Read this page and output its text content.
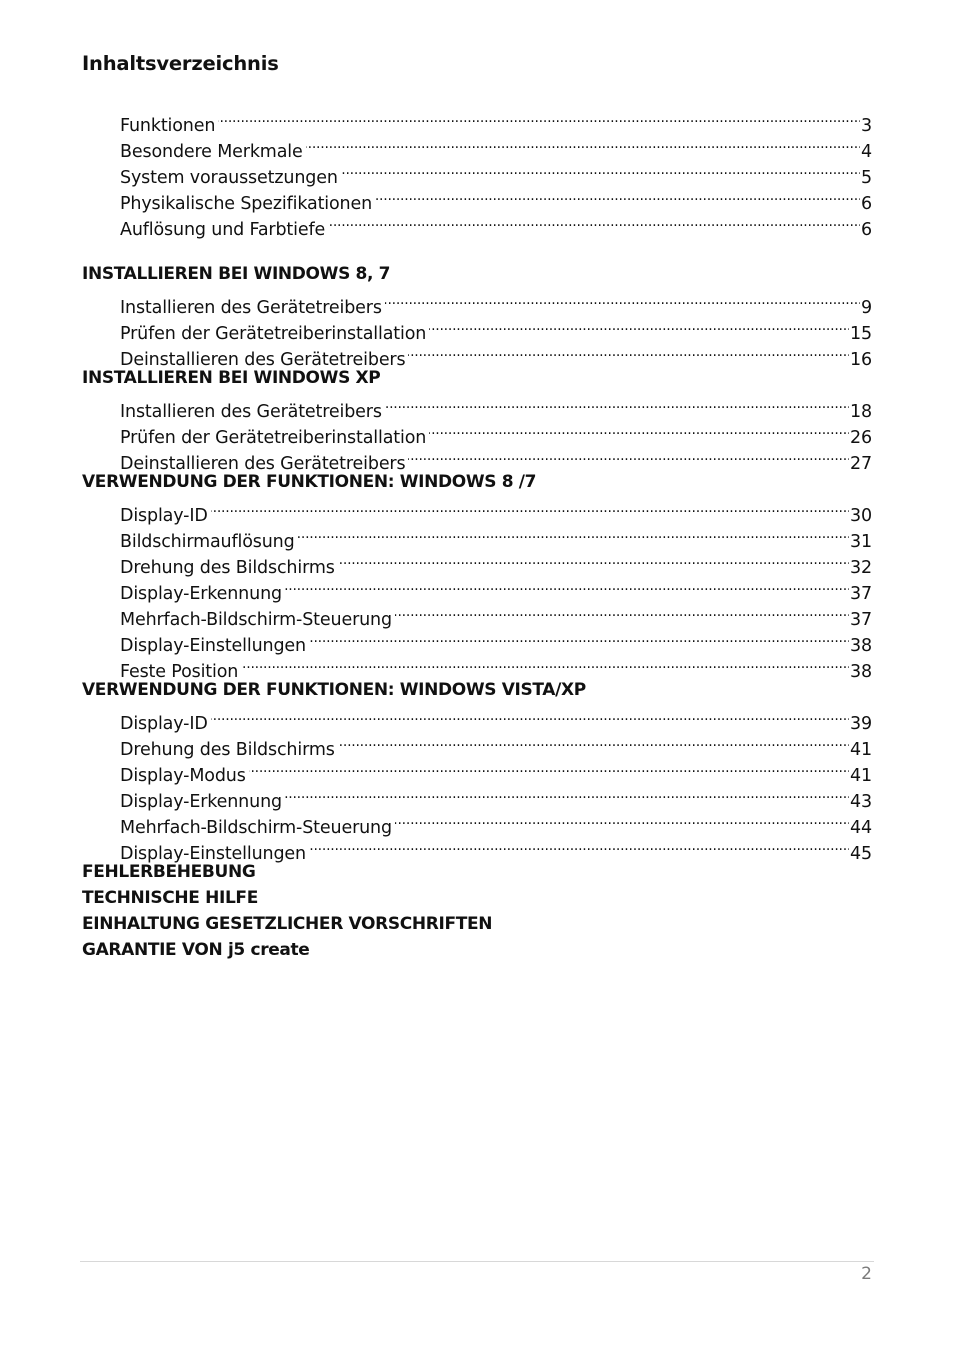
Inhaltsverzeichnis
Funktionen . . .	3
Besondere Merkmale . . .	4
System voraussetzungen . . .	5
Physikalische Spezifikationen . . .	6
Auflösung und Farbtiefe . . .	6
INSTALLIEREN BEI WINDOWS 8, 7
Installieren des Gerätetreibers . . .	9
Prüfen der Gerätetreiberinstallation . . .	15
Deinstallieren des Gerätetreibers . . .	16
INSTALLIEREN BEI WINDOWS XP
Installieren des Gerätetreibers . . .	18
Prüfen der Gerätetreiberinstallation . . .	26
Deinstallieren des Gerätetreibers . . .	27
VERWENDUNG DER FUNKTIONEN: WINDOWS 8 /7
Display-ID . . .	30
Bildschirmauflösung . . .	31
Drehung des Bildschirms . . .	32
Display-Erkennung . . .	37
Mehrfach-Bildschirm-Steuerung . . .	37
Display-Einstellungen . . .	38
Feste Position . . .	38
VERWENDUNG DER FUNKTIONEN: WINDOWS VISTA/XP
Display-ID . . .	39
Drehung des Bildschirms . . .	41
Display-Modus . . .	41
Display-Erkennung . . .	43
Mehrfach-Bildschirm-Steuerung . . .	44
Display-Einstellungen . . .	45
FEHLERBEHEBUNG
TECHNISCHE HILFE
EINHALTUNG GESETZLICHER VORSCHRIFTEN
GARANTIE VON j5 create
2
